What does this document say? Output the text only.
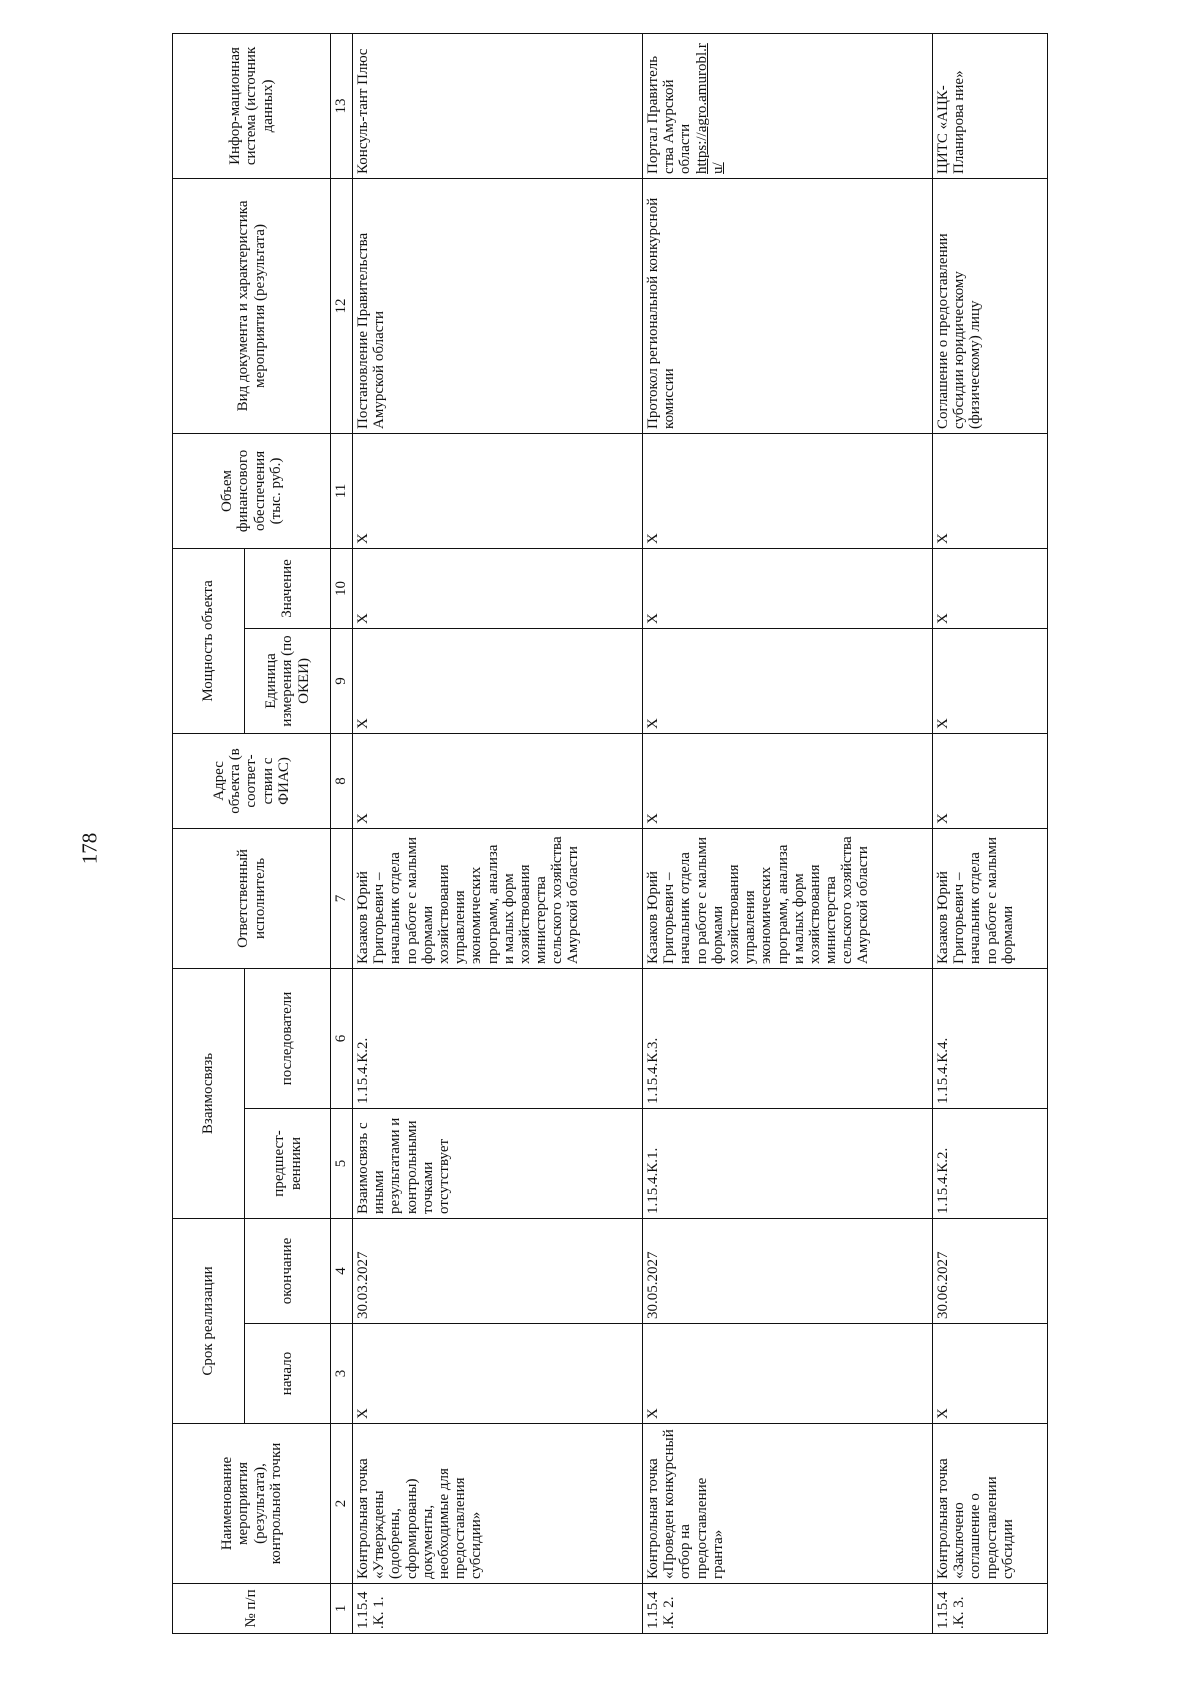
178
№ п/п	Наименование мероприятия (результата), контрольной точки	Срок реализации		Взаимосвязь		Ответственный исполнитель	Адрес объекта (в соответ-ствии с ФИАС)	Мощность объекта		Объем финансового обеспечения (тыс. руб.)	Вид документа и характеристика мероприятия (результата)	Инфор-мационная система (источник данных)
		начало	окончание	предшест-венники	последователи			Единица измерения (по ОКЕИ)	Значение			
1	2	3	4	5	6	7	8	9	10	11	12	13
1.15.4.К. 1.	Контрольная точка «Утверждены (одобрены, сформированы) документы, необходимые для предоставления субсидии»	X	30.03.2027	Взаимосвязь с иными результатами и контрольными точками отсутствует	1.15.4.К.2.	Казаков Юрий Григорьевич – начальник отдела по работе с малыми формами хозяйствования управления экономических программ, анализа и малых форм хозяйствования министерства сельского хозяйства Амурской области	X	X	X	X	Постановление Правительства Амурской области	Консуль-тант Плюс
1.15.4.К. 2.	Контрольная точка «Проведен конкурсный отбор на предоставление гранта»	X	30.05.2027	1.15.4.К.1.	1.15.4.К.3.	Казаков Юрий Григорьевич – начальник отдела по работе с малыми формами хозяйствования управления экономических программ, анализа и малых форм хозяйствования министерства сельского хозяйства Амурской области	X	X	X	X	Протокол региональной конкурсной комиссии	Портал Правитель ства Амурской области https://agro.amurobl.ru/
1.15.4.К. 3.	Контрольная точка «Заключено соглашение о предоставлении субсидии	X	30.06.2027	1.15.4.К.2.	1.15.4.К.4.	Казаков Юрий Григорьевич – начальник отдела по работе с малыми формами	X	X	X	X	Соглашение о предоставлении субсидии юридическому (физическому) лицу	ЦИТС «АЦК-Планирова ние»
